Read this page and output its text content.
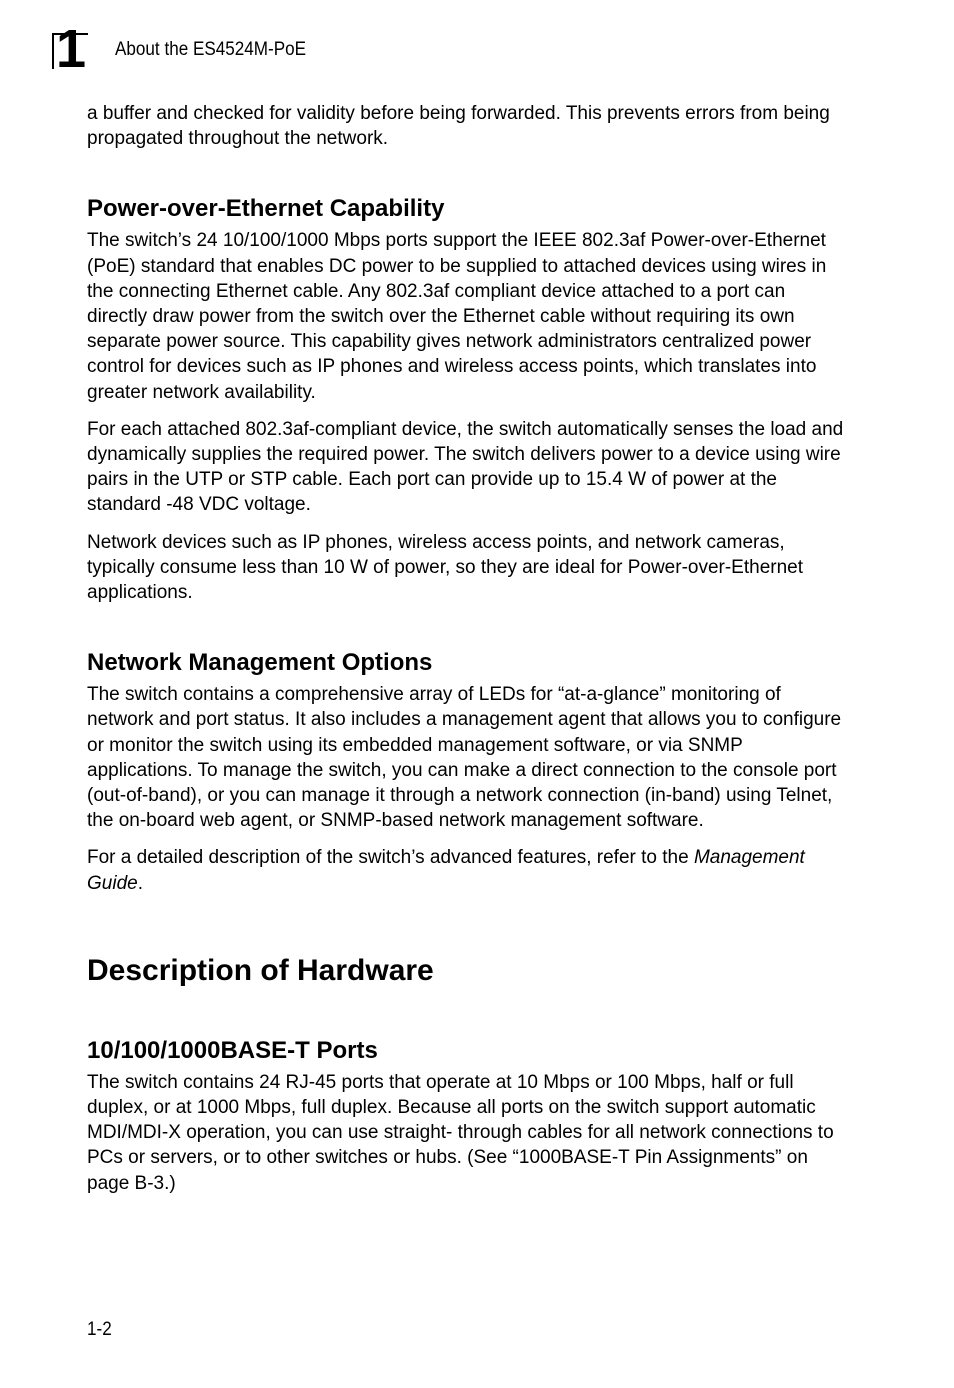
1 About the ES4524M-PoE

a buffer and checked for validity before being forwarded. This prevents errors from being propagated throughout the network.

Power-over-Ethernet Capability

The switch’s 24 10/100/1000 Mbps ports support the IEEE 802.3af Power-over-Ethernet (PoE) standard that enables DC power to be supplied to attached devices using wires in the connecting Ethernet cable. Any 802.3af compliant device attached to a port can directly draw power from the switch over the Ethernet cable without requiring its own separate power source. This capability gives network administrators centralized power control for devices such as IP phones and wireless access points, which translates into greater network availability.

For each attached 802.3af-compliant device, the switch automatically senses the load and dynamically supplies the required power. The switch delivers power to a device using wire pairs in the UTP or STP cable. Each port can provide up to 15.4 W of power at the standard -48 VDC voltage.

Network devices such as IP phones, wireless access points, and network cameras, typically consume less than 10 W of power, so they are ideal for Power-over-Ethernet applications.

Network Management Options

The switch contains a comprehensive array of LEDs for “at-a-glance” monitoring of network and port status. It also includes a management agent that allows you to configure or monitor the switch using its embedded management software, or via SNMP applications. To manage the switch, you can make a direct connection to the console port (out-of-band), or you can manage it through a network connection (in-band) using Telnet, the on-board web agent, or SNMP-based network management software.

For a detailed description of the switch’s advanced features, refer to the Management Guide.

Description of Hardware
10/100/1000BASE-T Ports

The switch contains 24 RJ-45 ports that operate at 10 Mbps or 100 Mbps, half or full duplex, or at 1000 Mbps, full duplex. Because all ports on the switch support automatic MDI/MDI-X operation, you can use straight- through cables for all network connections to PCs or servers, or to other switches or hubs. (See “1000BASE-T Pin Assignments” on page B-3.)

1-2
